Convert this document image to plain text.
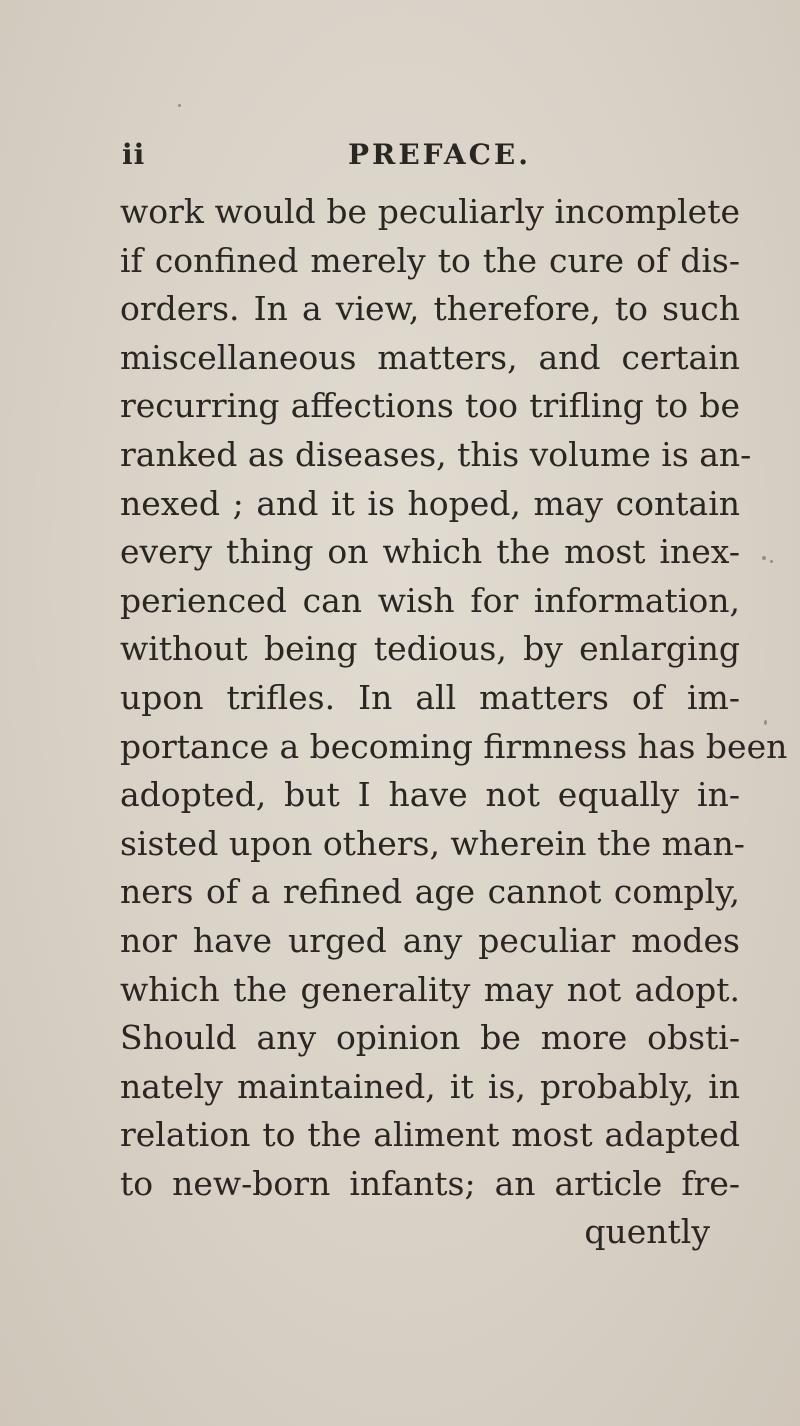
ii	PREFACE.
work would be peculiarly incomplete
if confined merely to the cure of dis-
orders. In a view, therefore, to such
miscellaneous matters, and certain
recurring affections too trifling to be
ranked as diseases, this volume is an-
nexed ; and it is hoped, may contain
every thing on which the most inex-
perienced can wish for information,
without being tedious, by enlarging
upon trifles. In all matters of im-
portance a becoming firmness has been
adopted, but I have not equally in-
sisted upon others, wherein the man-
ners of a refined age cannot comply,
nor have urged any peculiar modes
which the generality may not adopt.
Should any opinion be more obsti-
nately maintained, it is, probably, in
relation to the aliment most adapted
to new-born infants; an article fre-
quently
